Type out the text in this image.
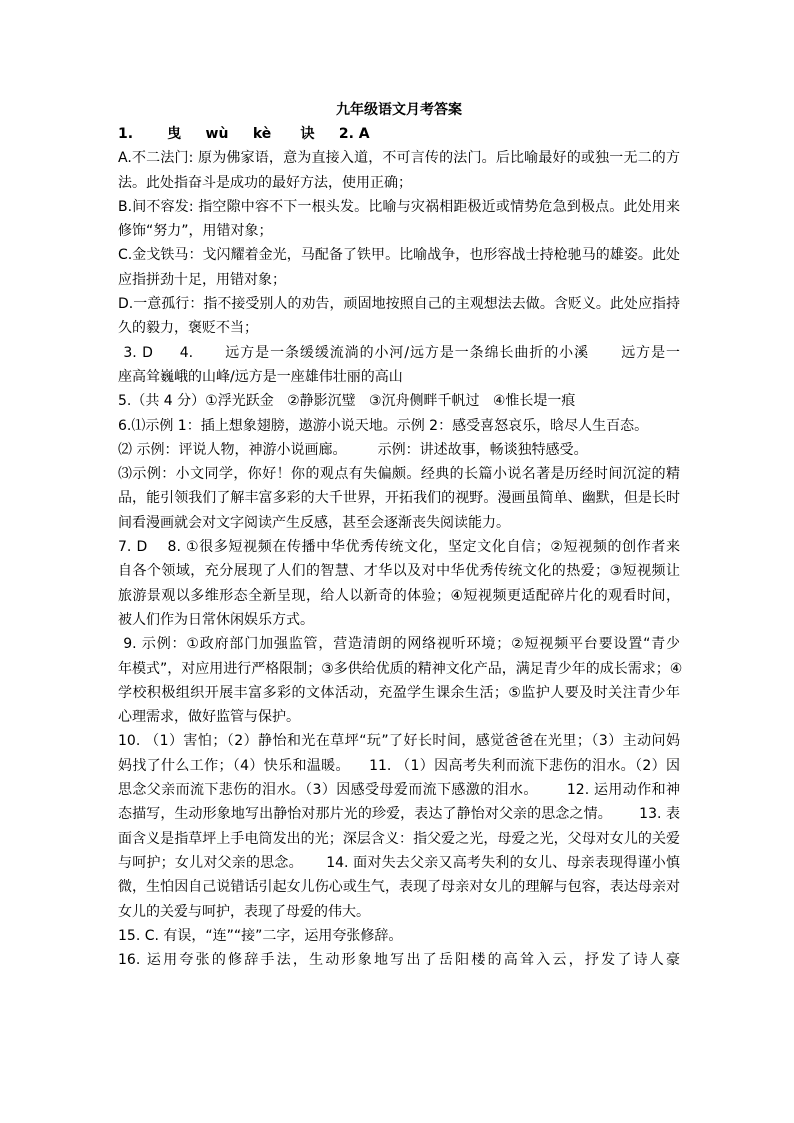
九年级语文月考答案
1.       曳     wù     kè      诀     2. A
A.不二法门: 原为佛家语，意为直接入道，不可言传的法门。后比喻最好的或独一无二的方
法。此处指奋斗是成功的最好方法，使用正确；
B.间不容发: 指空隙中容不下一根头发。比喻与灾祸相距极近或情势危急到极点。此处用来
修饰“努力”，用错对象；
C.金戈铁马：戈闪耀着金光，马配备了铁甲。比喻战争，也形容战士持枪驰马的雄姿。此处
应指拼劲十足，用错对象；
D.一意孤行：指不接受别人的劝告，顽固地按照自己的主观想法去做。含贬义。此处应指持
久的毅力，褒贬不当；
3. D     4.      远方是一条缓缓流淌的小河/远方是一条绵长曲折的小溪      远方是一
座高耸巍峨的山峰/远方是一座雄伟壮丽的高山
5.（共 4 分）①浮光跃金   ②静影沉璧   ③沉舟侧畔千帆过   ④惟长堤一痕
6.⑴示例 1：插上想象翅膀，遨游小说天地。示例 2：感受喜怒哀乐，晗尽人生百态。
⑵ 示例：评说人物，神游小说画廊。       示例：讲述故事，畅谈独特感受。
⑶示例：小文同学，你好！你的观点有失偏颇。经典的长篇小说名著是历经时间沉淀的精
品，能引领我们了解丰富多彩的大千世界，开拓我们的视野。漫画虽简单、幽默，但是长时
间看漫画就会对文字阅读产生反感，甚至会逐渐丧失阅读能力。
7. D    8. ①很多短视频在传播中华优秀传统文化，坚定文化自信；②短视频的创作者来
自各个领域，充分展现了人们的智慧、才华以及对中华优秀传统文化的热爱；③短视频让
旅游景观以多维形态全新呈现，给人以新奇的体验；④短视频更适配碎片化的观看时间，
被人们作为日常休闲娱乐方式。
9. 示例：①政府部门加强监管，营造清朗的网络视听环境；②短视频平台要设置“青少
年模式”，对应用进行严格限制；③多供给优质的精神文化产品，满足青少年的成长需求；④
学校积极组织开展丰富多彩的文体活动，充盈学生课余生活；⑤监护人要及时关注青少年
心理需求，做好监管与保护。
10. （1）害怕；（2）静怡和光在草坪“玩”了好长时间，感觉爸爸在光里；（3）主动问妈
妈找了什么工作；（4）快乐和温暖。    11. （1）因高考失利而流下悲伤的泪水。（2）因
思念父亲而流下悲伤的泪水。（3）因感受母爱而流下感激的泪水。      12. 运用动作和神
态描写，生动形象地写出静怡对那片光的珍爱，表达了静怡对父亲的思念之情。      13. 表
面含义是指草坪上手电筒发出的光；深层含义：指父爱之光，母爱之光，父母对女儿的关爱
与呵护；女儿对父亲的思念。     14. 面对失去父亲又高考失利的女儿、母亲表现得谨小慎
微，生怕因自己说错话引起女儿伤心或生气，表现了母亲对女儿的理解与包容，表达母亲对
女儿的关爱与呵护，表现了母爱的伟大。
15. C. 有误，“连”“接”二字，运用夸张修辞。
16. 运用夸张的修辞手法，生动形象地写出了岳阳楼的高耸入云，抒发了诗人豪
